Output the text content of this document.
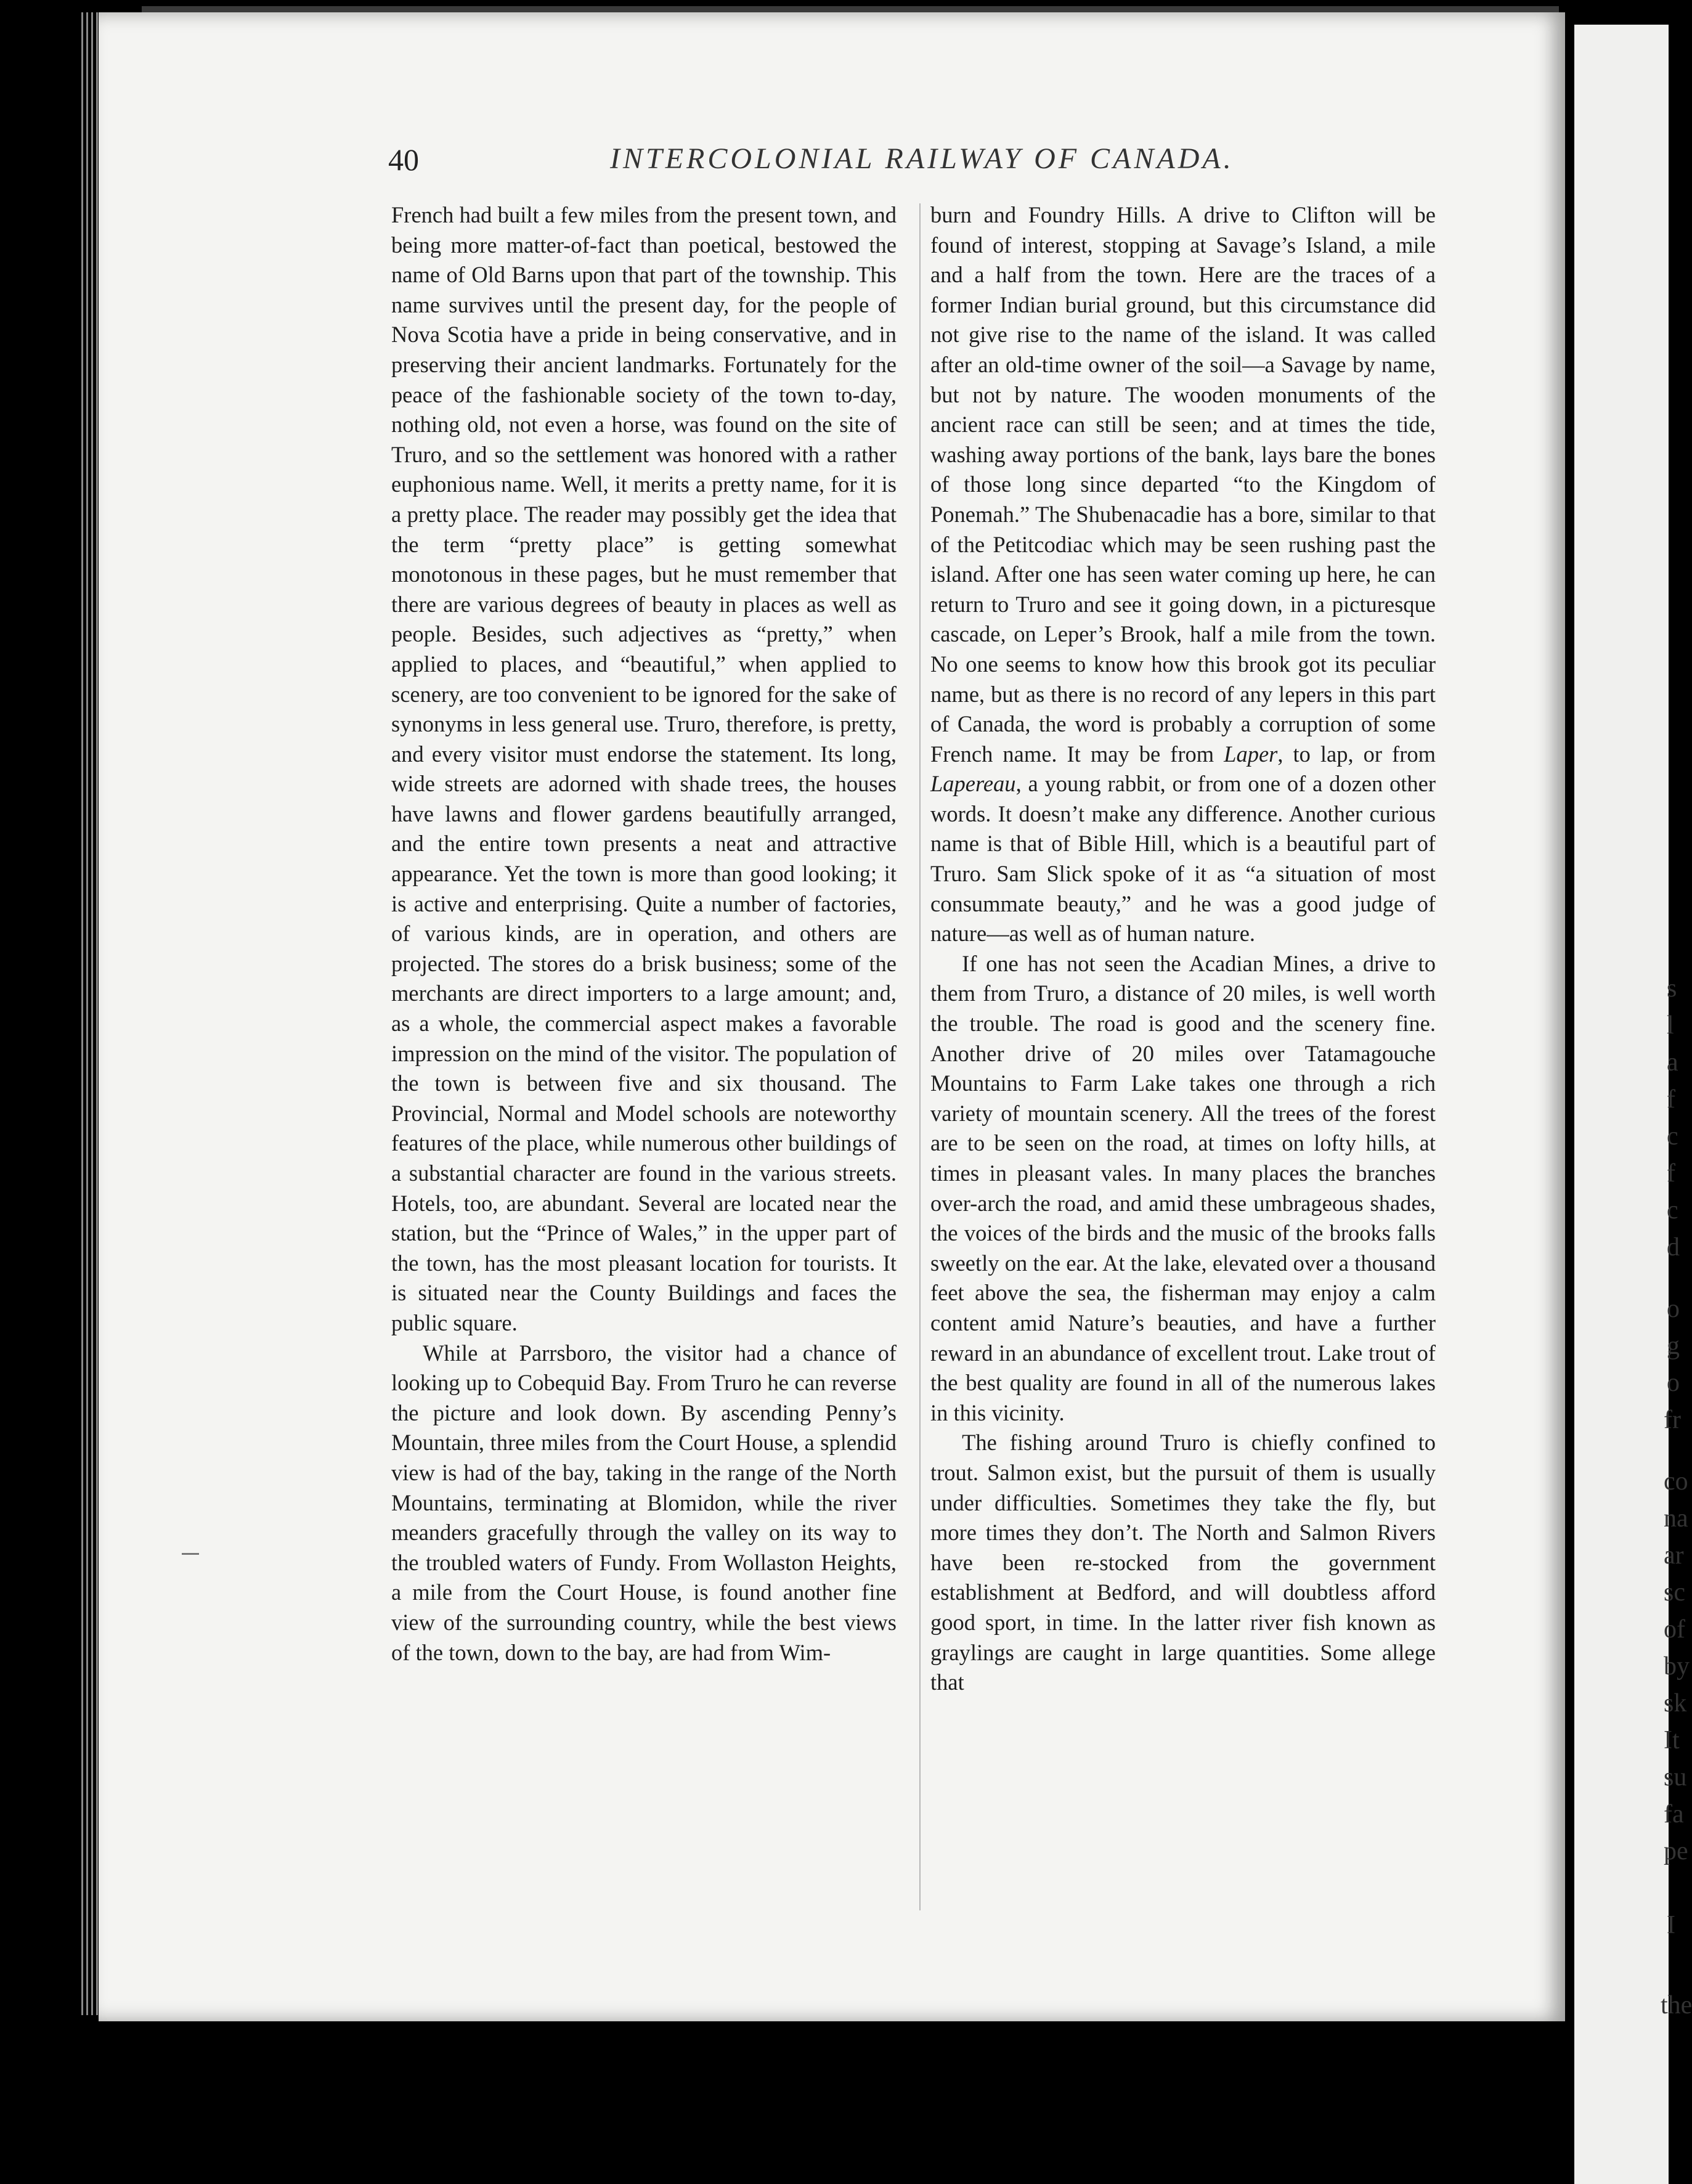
40	INTERCOLONIAL RAILWAY OF CANADA.

French had built a few miles from the present town, and being more matter-of-fact than poetical, bestowed the name of Old Barns upon that part of the township. This name survives until the present day, for the people of Nova Scotia have a pride in being conservative, and in preserving their ancient landmarks. Fortunately for the peace of the fashionable society of the town to-day, nothing old, not even a horse, was found on the site of Truro, and so the settlement was honored with a rather euphonious name. Well, it merits a pretty name, for it is a pretty place. The reader may possibly get the idea that the term “pretty place” is getting somewhat monotonous in these pages, but he must remember that there are various degrees of beauty in places as well as people. Besides, such adjectives as “pretty,” when applied to places, and “beautiful,” when applied to scenery, are too convenient to be ignored for the sake of synonyms in less general use. Truro, therefore, is pretty, and every visitor must endorse the statement. Its long, wide streets are adorned with shade trees, the houses have lawns and flower gardens beautifully arranged, and the entire town presents a neat and attractive appearance. Yet the town is more than good looking; it is active and enterprising. Quite a number of factories, of various kinds, are in operation, and others are projected. The stores do a brisk business; some of the merchants are direct importers to a large amount; and, as a whole, the commercial aspect makes a favorable impression on the mind of the visitor. The population of the town is between five and six thousand. The Provincial, Normal and Model schools are noteworthy features of the place, while numerous other buildings of a substantial character are found in the various streets. Hotels, too, are abundant. Several are located near the station, but the “Prince of Wales,” in the upper part of the town, has the most pleasant location for tourists. It is situated near the County Buildings and faces the public square.

While at Parrsboro, the visitor had a chance of looking up to Cobequid Bay. From Truro he can reverse the picture and look down. By ascending Penny’s Mountain, three miles from the Court House, a splendid view is had of the bay, taking in the range of the North Mountains, terminating at Blomidon, while the river meanders gracefully through the valley on its way to the troubled waters of Fundy. From Wollaston Heights, a mile from the Court House, is found another fine view of the surrounding country, while the best views of the town, down to the bay, are had from Wim-

burn and Foundry Hills. A drive to Clifton will be found of interest, stopping at Savage’s Island, a mile and a half from the town. Here are the traces of a former Indian burial ground, but this circumstance did not give rise to the name of the island. It was called after an old-time owner of the soil—a Savage by name, but not by nature. The wooden monuments of the ancient race can still be seen; and at times the tide, washing away portions of the bank, lays bare the bones of those long since departed “to the Kingdom of Ponemah.” The Shubenacadie has a bore, similar to that of the Petitcodiac which may be seen rushing past the island. After one has seen water coming up here, he can return to Truro and see it going down, in a picturesque cascade, on Leper’s Brook, half a mile from the town. No one seems to know how this brook got its peculiar name, but as there is no record of any lepers in this part of Canada, the word is probably a corruption of some French name. It may be from Laper, to lap, or from Lapereau, a young rabbit, or from one of a dozen other words. It doesn’t make any difference. Another curious name is that of Bible Hill, which is a beautiful part of Truro. Sam Slick spoke of it as “a situation of most consummate beauty,” and he was a good judge of nature—as well as of human nature.

If one has not seen the Acadian Mines, a drive to them from Truro, a distance of 20 miles, is well worth the trouble. The road is good and the scenery fine. Another drive of 20 miles over Tatamagouche Mountains to Farm Lake takes one through a rich variety of mountain scenery. All the trees of the forest are to be seen on the road, at times on lofty hills, at times in pleasant vales. In many places the branches over-arch the road, and amid these umbrageous shades, the voices of the birds and the music of the brooks falls sweetly on the ear. At the lake, elevated over a thousand feet above the sea, the fisherman may enjoy a calm content amid Nature’s beauties, and have a further reward in an abundance of excellent trout. Lake trout of the best quality are found in all of the numerous lakes in this vicinity.

The fishing around Truro is chiefly confined to trout. Salmon exist, but the pursuit of them is usually under difficulties. Sometimes they take the fly, but more times they don’t. The North and Salmon Rivers have been re-stocked from the government establishment at Bedford, and will doubtless afford good sport, in time. In the latter river fish known as graylings are caught in large quantities. Some allege that

s
l
a
f
c
f
c
d
o
g
o
fr
co
na
ar
sc
of
by
sk
It
su
fa
pe
I
the
